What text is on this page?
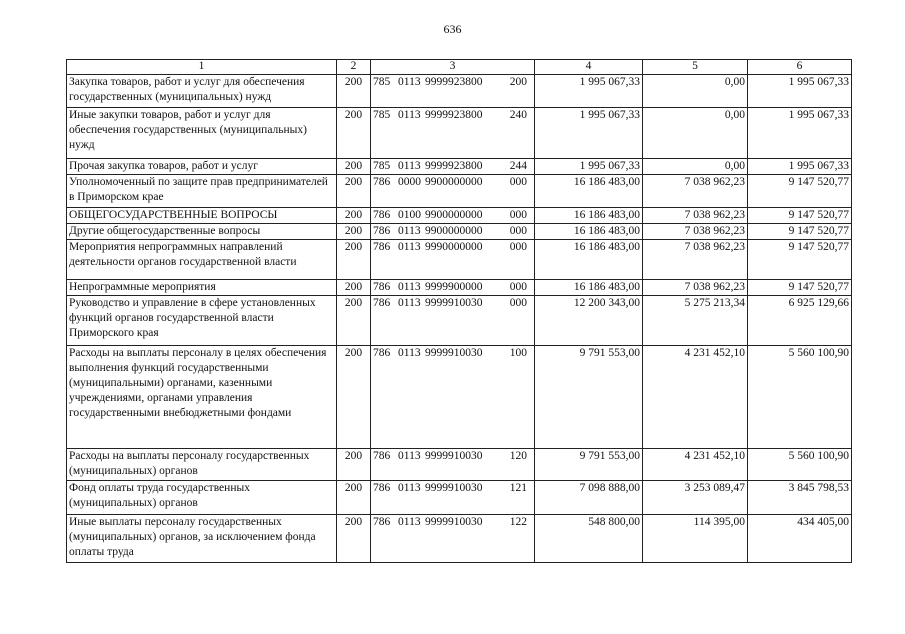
636
1	2	3	4	5	6
Закупка товаров, работ и услуг для обеспечения государственных (муниципальных) нужд	200	785 0113 9999923800 200	1 995 067,33	0,00	1 995 067,33
Иные закупки товаров, работ и услуг для обеспечения государственных (муниципальных) нужд	200	785 0113 9999923800 240	1 995 067,33	0,00	1 995 067,33
Прочая закупка товаров, работ и услуг	200	785 0113 9999923800 244	1 995 067,33	0,00	1 995 067,33
Уполномоченный по защите прав предпринимателей в Приморском крае	200	786 0000 9900000000 000	16 186 483,00	7 038 962,23	9 147 520,77
ОБЩЕГОСУДАРСТВЕННЫЕ ВОПРОСЫ	200	786 0100 9900000000 000	16 186 483,00	7 038 962,23	9 147 520,77
Другие общегосударственные вопросы	200	786 0113 9900000000 000	16 186 483,00	7 038 962,23	9 147 520,77
Мероприятия непрограммных направлений деятельности органов государственной власти	200	786 0113 9990000000 000	16 186 483,00	7 038 962,23	9 147 520,77
Непрограммные мероприятия	200	786 0113 9999900000 000	16 186 483,00	7 038 962,23	9 147 520,77
Руководство и управление в сфере установленных функций органов государственной власти Приморского края	200	786 0113 9999910030 000	12 200 343,00	5 275 213,34	6 925 129,66
Расходы на выплаты персоналу в целях обеспечения выполнения функций государственными (муниципальными) органами, казенными учреждениями, органами управления государственными внебюджетными фондами	200	786 0113 9999910030 100	9 791 553,00	4 231 452,10	5 560 100,90
Расходы на выплаты персоналу государственных (муниципальных) органов	200	786 0113 9999910030 120	9 791 553,00	4 231 452,10	5 560 100,90
Фонд оплаты труда государственных (муниципальных) органов	200	786 0113 9999910030 121	7 098 888,00	3 253 089,47	3 845 798,53
Иные выплаты персоналу государственных (муниципальных) органов, за исключением фонда оплаты труда	200	786 0113 9999910030 122	548 800,00	114 395,00	434 405,00
